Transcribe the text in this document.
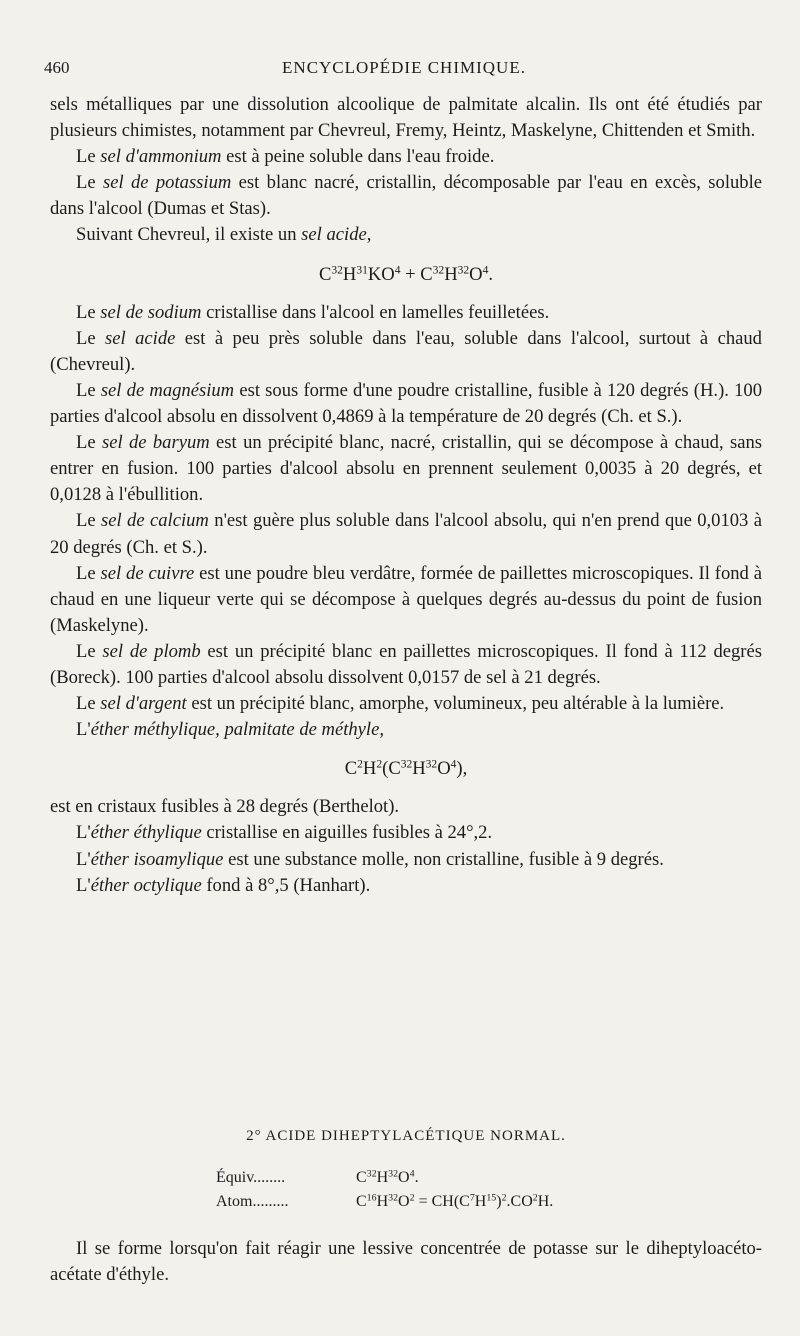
460	ENCYCLOPÉDIE CHIMIQUE.

sels métalliques par une dissolution alcoolique de palmitate alcalin. Ils ont été étudiés par plusieurs chimistes, notamment par Chevreul, Fremy, Heintz, Maskelyne, Chittenden et Smith.

Le sel d'ammonium est à peine soluble dans l'eau froide.

Le sel de potassium est blanc nacré, cristallin, décomposable par l'eau en excès, soluble dans l'alcool (Dumas et Stas).

Suivant Chevreul, il existe un sel acide,

$C^{32}H^{31}KO^4 + C^{32}H^{32}O^4$.

Le sel de sodium cristallise dans l'alcool en lamelles feuilletées.

Le sel acide est à peu près soluble dans l'eau, soluble dans l'alcool, surtout à chaud (Chevreul).

Le sel de magnésium est sous forme d'une poudre cristalline, fusible à 120 degrés (H.). 100 parties d'alcool absolu en dissolvent 0,4869 à la température de 20 degrés (Ch. et S.).

Le sel de baryum est un précipité blanc, nacré, cristallin, qui se décompose à chaud, sans entrer en fusion. 100 parties d'alcool absolu en prennent seulement 0,0035 à 20 degrés, et 0,0128 à l'ébullition.

Le sel de calcium n'est guère plus soluble dans l'alcool absolu, qui n'en prend que 0,0103 à 20 degrés (Ch. et S.).

Le sel de cuivre est une poudre bleu verdâtre, formée de paillettes microscopiques. Il fond à chaud en une liqueur verte qui se décompose à quelques degrés au-dessus du point de fusion (Maskelyne).

Le sel de plomb est un précipité blanc en paillettes microscopiques. Il fond à 112 degrés (Boreck). 100 parties d'alcool absolu dissolvent 0,0157 de sel à 21 degrés.

Le sel d'argent est un précipité blanc, amorphe, volumineux, peu altérable à la lumière.

L'éther méthylique, palmitate de méthyle,

$C^2H^2(C^{32}H^{32}O^4)$,

est en cristaux fusibles à 28 degrés (Berthelot).

L'éther éthylique cristallise en aiguilles fusibles à 24°,2.

L'éther isoamylique est une substance molle, non cristalline, fusible à 9 degrés.

L'éther octylique fond à 8°,5 (Hanhart).

2° ACIDE DIHEPTYLACÉTIQUE NORMAL.
Équiv........	$C^{32}H^{32}O^4$.
Atom.........	$C^{16}H^{32}O^2 = CH(C^7H^{15})^2.CO^2H$.

Il se forme lorsqu'on fait réagir une lessive concentrée de potasse sur le diheptyloacéto-acétate d'éthyle.
